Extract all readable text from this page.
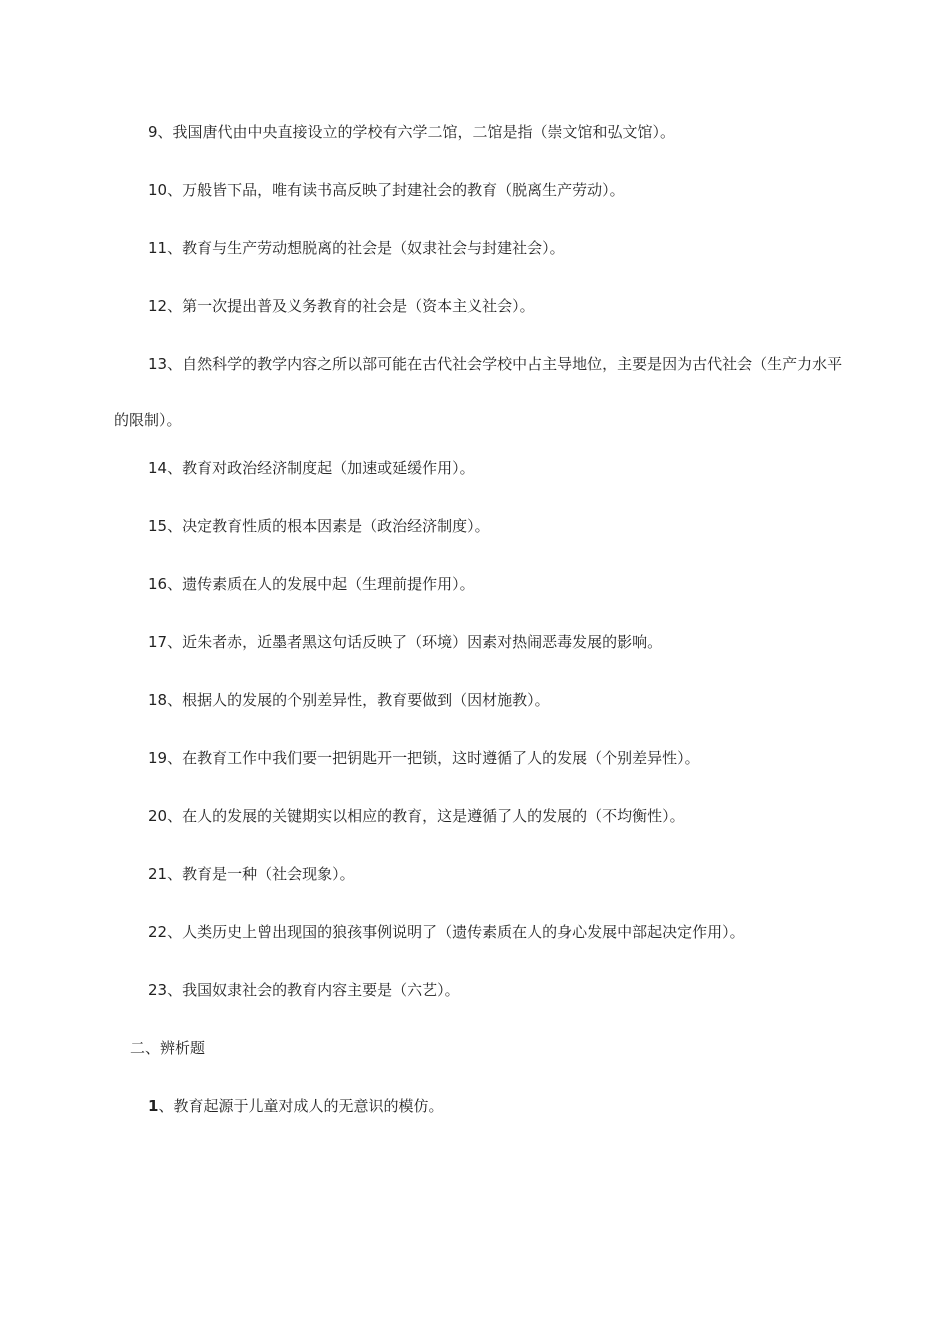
9、我国唐代由中央直接设立的学校有六学二馆，二馆是指（崇文馆和弘文馆）。

10、万般皆下品，唯有读书高反映了封建社会的教育（脱离生产劳动）。

11、教育与生产劳动想脱离的社会是（奴隶社会与封建社会）。

12、第一次提出普及义务教育的社会是（资本主义社会）。

13、自然科学的教学内容之所以部可能在古代社会学校中占主导地位，主要是因为古代社会（生产力水平的限制）。

14、教育对政治经济制度起（加速或延缓作用）。

15、决定教育性质的根本因素是（政治经济制度）。

16、遗传素质在人的发展中起（生理前提作用）。

17、近朱者赤，近墨者黑这句话反映了（环境）因素对热闹恶毒发展的影响。

18、根据人的发展的个别差异性，教育要做到（因材施教）。

19、在教育工作中我们要一把钥匙开一把锁，这时遵循了人的发展（个别差异性）。

20、在人的发展的关键期实以相应的教育，这是遵循了人的发展的（不均衡性）。

21、教育是一种（社会现象）。

22、人类历史上曾出现国的狼孩事例说明了（遗传素质在人的身心发展中部起决定作用）。

23、我国奴隶社会的教育内容主要是（六艺）。

二、辨析题

1、教育起源于儿童对成人的无意识的模仿。
